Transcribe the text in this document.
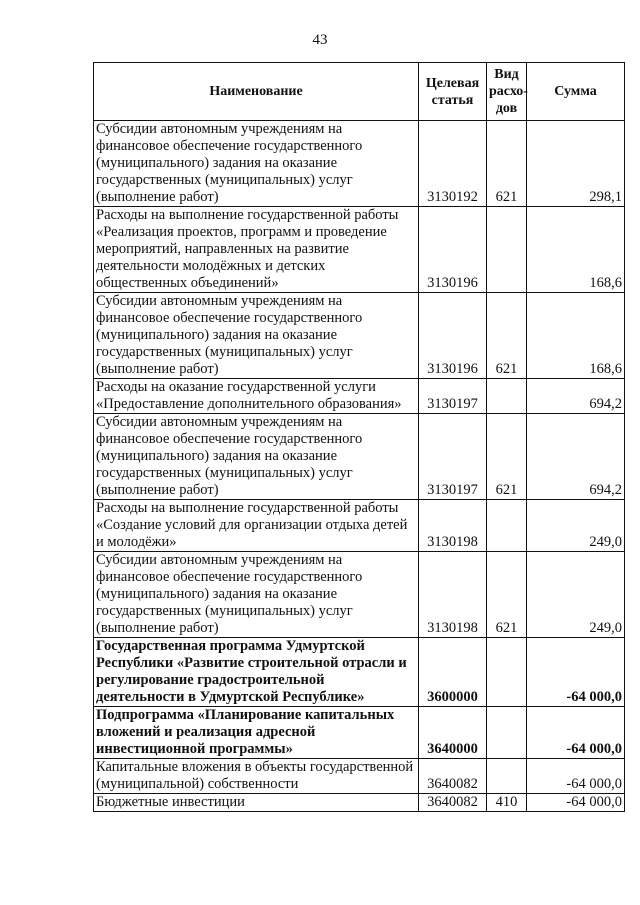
43
Наименование	Целевая статья	Вид расхо-дов	Сумма
Субсидии автономным учреждениям на финансовое обеспечение государственного (муниципального) задания на оказание государственных (муниципальных) услуг (выполнение работ)	3130192	621	298,1
Расходы на выполнение государственной работы «Реализация проектов, программ и проведение мероприятий, направленных на развитие деятельности молодёжных и детских общественных объединений»	3130196		168,6
Субсидии автономным учреждениям на финансовое обеспечение государственного (муниципального) задания на оказание государственных (муниципальных) услуг (выполнение работ)	3130196	621	168,6
Расходы на оказание государственной услуги «Предоставление дополнительного образования»	3130197		694,2
Субсидии автономным учреждениям на финансовое обеспечение государственного (муниципального) задания на оказание государственных (муниципальных) услуг (выполнение работ)	3130197	621	694,2
Расходы на выполнение государственной работы «Создание условий для организации отдыха детей и молодёжи»	3130198		249,0
Субсидии автономным учреждениям на финансовое обеспечение государственного (муниципального) задания на оказание государственных (муниципальных) услуг (выполнение работ)	3130198	621	249,0
Государственная программа Удмуртской Республики «Развитие строительной отрасли и регулирование градостроительной деятельности в Удмуртской Республике»	3600000		-64 000,0
Подпрограмма «Планирование капитальных вложений и реализация адресной инвестиционной программы»	3640000		-64 000,0
Капитальные вложения в объекты государственной (муниципальной) собственности	3640082		-64 000,0
Бюджетные инвестиции	3640082	410	-64 000,0
